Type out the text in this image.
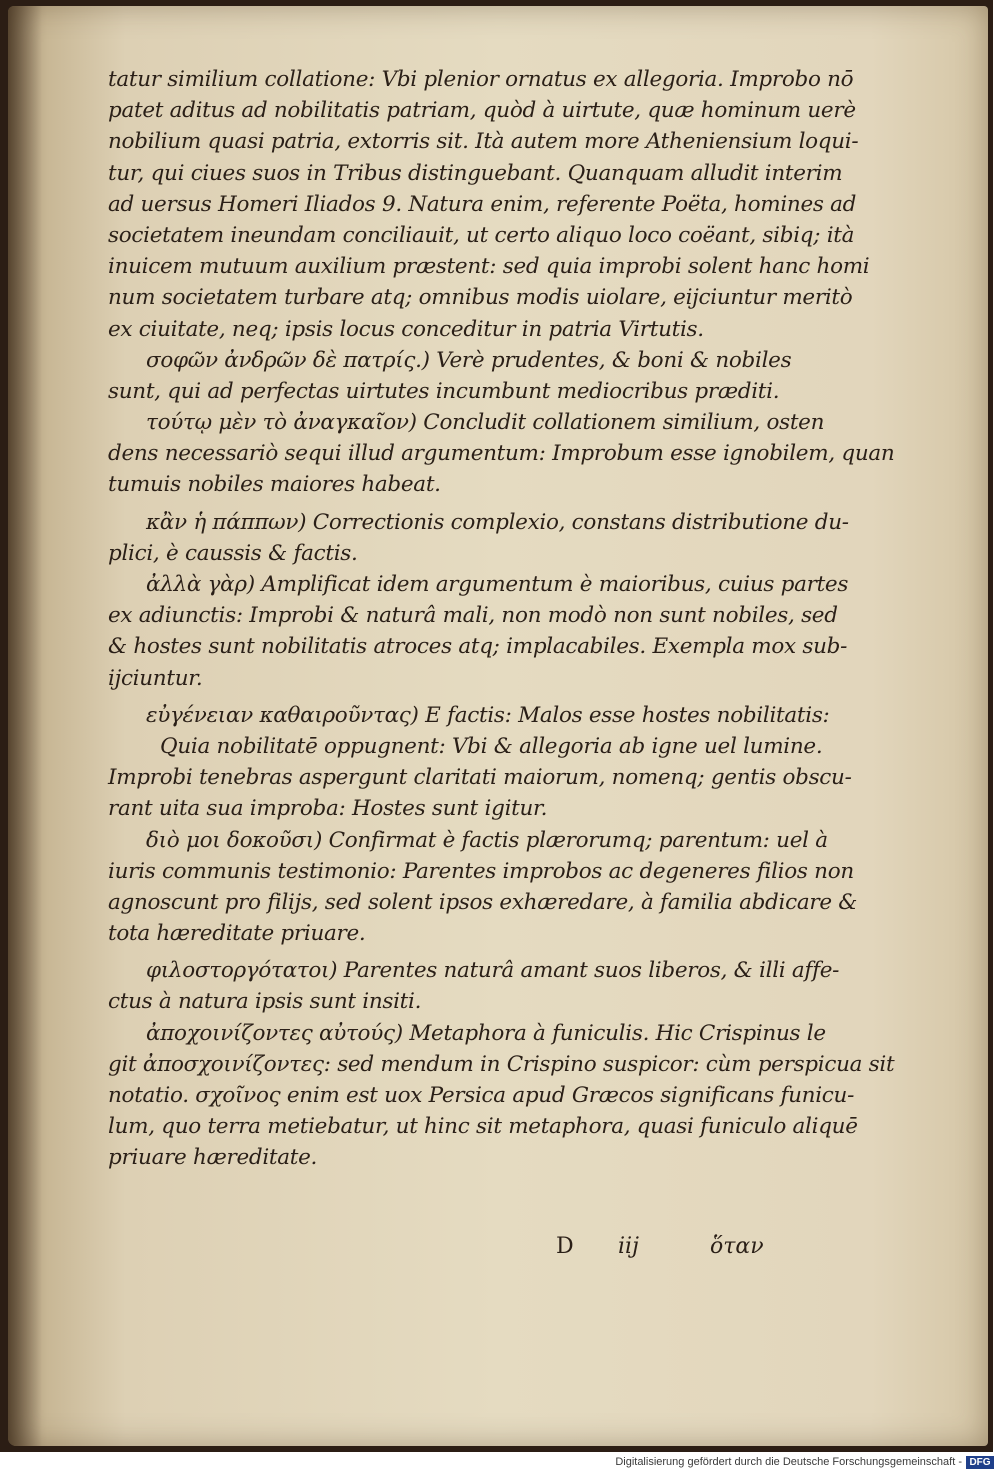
tatur similium collatione: Vbi plenior ornatus ex allegoria. Improbo nō
patet aditus ad nobilitatis patriam, quòd à uirtute, quæ hominum uerè
nobilium quasi patria, extorris sit. Ità autem more Atheniensium loqui-
tur, qui ciues suos in Tribus distinguebant. Quanquam alludit interim
ad uersus Homeri Iliados 9. Natura enim, referente Poëta, homines ad
societatem ineundam conciliauit, ut certo aliquo loco coëant, sibiq; ità
inuicem mutuum auxilium præstent: sed quia improbi solent hanc homi
num societatem turbare atq; omnibus modis uiolare, eijciuntur meritò
ex ciuitate, neq; ipsis locus conceditur in patria Virtutis.
σοφῶν ἀνδρῶν δὲ πατρίς.) Verè prudentes, & boni & nobiles
sunt, qui ad perfectas uirtutes incumbunt mediocribus præditi.
τούτῳ μὲν τὸ ἀναγκαῖον) Concludit collationem similium, osten
dens necessariò sequi illud argumentum: Improbum esse ignobilem, quan
tumuis nobiles maiores habeat.
κἂν ἡ πάππων) Correctionis complexio, constans distributione du-
plici, è caussis & factis.
ἀλλὰ γὰρ) Amplificat idem argumentum è maioribus, cuius partes
ex adiunctis: Improbi & naturâ mali, non modò non sunt nobiles, sed
& hostes sunt nobilitatis atroces atq; implacabiles. Exempla mox sub-
ijciuntur.
εὐγένειαν καθαιροῦντας) E factis: Malos esse hostes nobilitatis:
Quia nobilitatē oppugnent: Vbi & allegoria ab igne uel lumine.
Improbi tenebras aspergunt claritati maiorum, nomenq; gentis obscu-
rant uita sua improba: Hostes sunt igitur.
διὸ μοι δοκοῦσι) Confirmat è factis plærorumq; parentum: uel à
iuris communis testimonio: Parentes improbos ac degeneres filios non
agnoscunt pro filijs, sed solent ipsos exhæredare, à familia abdicare &
tota hæreditate priuare.
φιλοστοργότατοι) Parentes naturâ amant suos liberos, & illi affe-
ctus à natura ipsis sunt insiti.
ἀποχοινίζοντες αὐτούς) Metaphora à funiculis. Hic Crispinus le
git ἀποσχοινίζοντες: sed mendum in Crispino suspicor: cùm perspicua sit
notatio. σχοῖνος enim est uox Persica apud Græcos significans funicu-
lum, quo terra metiebatur, ut hinc sit metaphora, quasi funiculo aliquē
priuare hæreditate.
D iij	ὅταν
Digitalisierung gefördert durch die Deutsche Forschungsgemeinschaft - DFG
